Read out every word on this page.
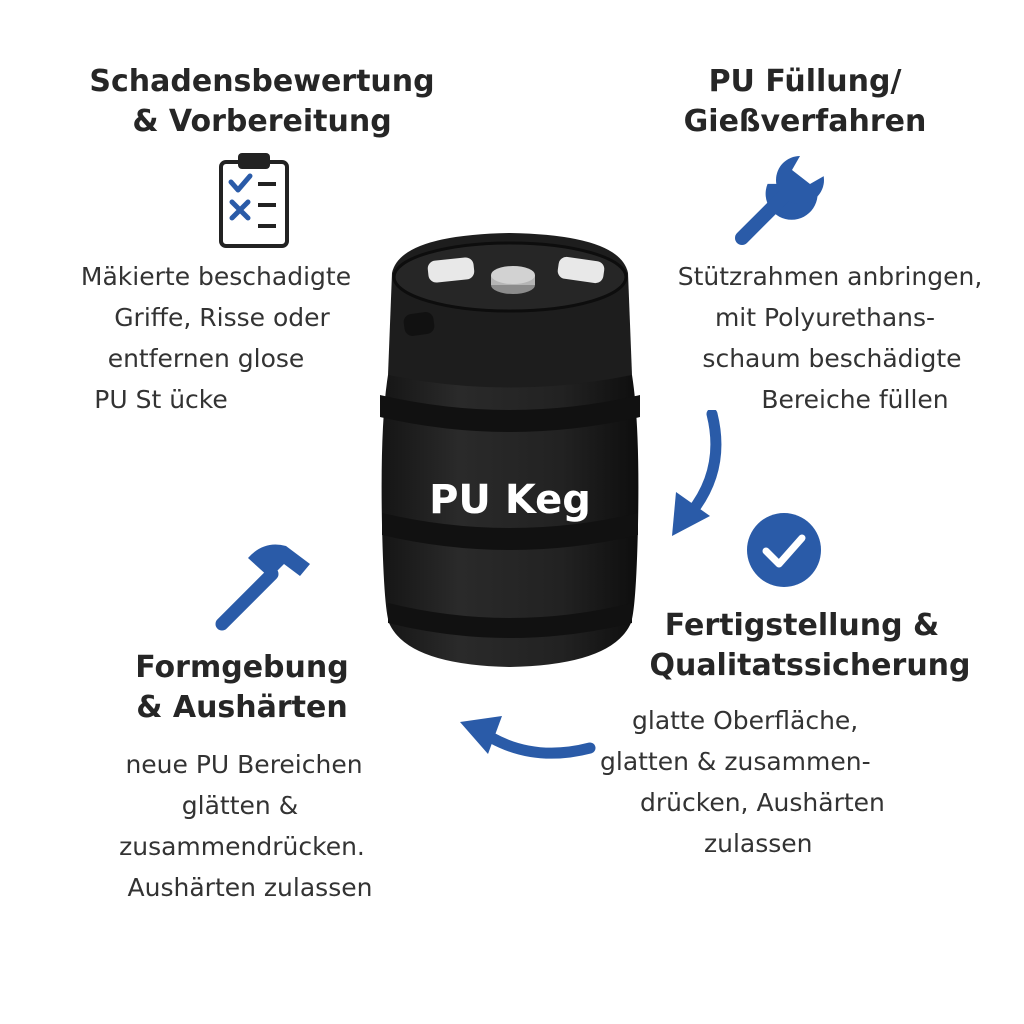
Schadensbewertung
& Vorbereitung
Mäkierte beschadigte
Griffe, Risse oder
entfernen glose
PU St ücke
PU Füllung/
Gießverfahren
Stützrahmen anbringen,
mit Polyurethans-
schaum beschädigte
Bereiche füllen
Fertigstellung &
Qualitatssicherung
glatte Oberfläche,
glatten & zusammen-
drücken, Aushärten
zulassen
Formgebung
& Aushärten
neue PU Bereichen
glätten &
zusammendrücken.
Aushärten zulassen
PU Keg
